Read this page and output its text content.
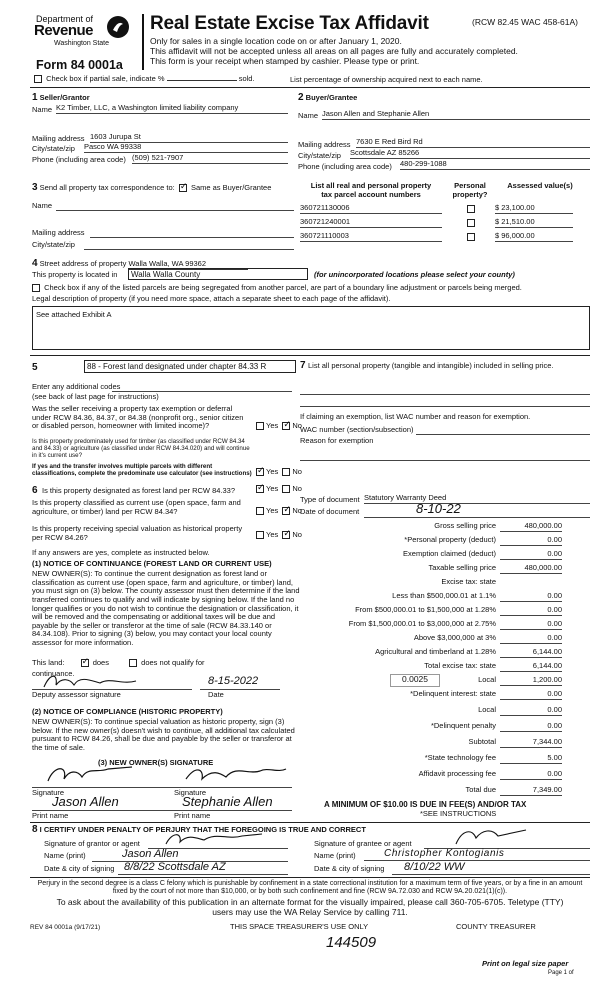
Department of
Revenue
Washington State
Form 84 0001a
Real Estate Excise Tax Affidavit	(RCW 82.45 WAC 458-61A)
Only for sales in a single location code on or after January 1, 2020.
This affidavit will not be accepted unless all areas on all pages are fully and accurately completed.
This form is your receipt when stamped by cashier. Please type or print.
Check box if partial sale, indicate %	sold.	List percentage of ownership acquired next to each name.
1 Seller/Grantor
Name K2 Timber, LLC, a Washington limited liability company
Mailing address 1603 Jurupa St
City/state/zip Pasco WA 99338
Phone (including area code) (509) 521-7907
2 Buyer/Grantee
Name Jason Allen and Stephanie Allen
Mailing address 7630 E Red Bird Rd
City/state/zip Scottsdale AZ 85266
Phone (including area code) 480-299-1088
3 Send all property tax correspondence to: ✓ Same as Buyer/Grantee
Name
Mailing address
City/state/zip
List all real and personal property tax parcel account numbers
Personal property?
Assessed value(s)
360721130006	$ 23,100.00
360721240001	$ 21,510.00
360721110003	$ 96,000.00
4 Street address of property Walla Walla, WA 99362
This property is located in	Walla Walla County	(for unincorporated locations please select your county)
Check box if any of the listed parcels are being segregated from another parcel, are part of a boundary line adjustment or parcels being merged.
Legal description of property (if you need more space, attach a separate sheet to each page of the affidavit).
See attached Exhibit A
5	88 - Forest land designated under chapter 84.33 R
Enter any additional codes
(see back of last page for instructions)
Was the seller receiving a property tax exemption or deferral under RCW 84.36, 84.37, or 84.38 (nonprofit org., senior citizen or disabled person, homeowner with limited income)?	Yes ✓ No
Is this property predominately used for timber (as classified under RCW 84.34 and 84.33) or agriculture (as classified under RCW 84.34.020) and will continue in it's current use?
If yes and the transfer involves multiple parcels with different classifications, complete the predominate use calculator (see instructions) ✓	Yes No
6 Is this property designated as forest land per RCW 84.33? ✓	Yes No
Is this property classified as current use (open space, farm and agriculture, or timber) land per RCW 84.34?	Yes ✓ No
Is this property receiving special valuation as historical property per RCW 84.26?	Yes ✓ No
If any answers are yes, complete as instructed below.
(1) NOTICE OF CONTINUANCE (FOREST LAND OR CURRENT USE)
NEW OWNER(S): To continue the current designation as forest land or classification as current use (open space, farm and agriculture, or timber) land, you must sign on (3) below. The county assessor must then determine if the land transferred continues to qualify and will indicate by signing below. If the land no longer qualifies or you do not wish to continue the designation or classification, it will be removed and the compensating or additional taxes will be due and payable by the seller or transferor at the time of sale (RCW 84.33.140 or 84.34.108). Prior to signing (3) below, you may contact your local county assessor for more information.
This land: ✓	does	does not qualify for
continuance.
8-15-2022
Deputy assessor signature	Date
(2) NOTICE OF COMPLIANCE (HISTORIC PROPERTY)
NEW OWNER(S): To continue special valuation as historic property, sign (3) below. If the new owner(s) doesn't wish to continue, all additional tax calculated pursuant to RCW 84.26, shall be due and payable by the seller or transferor at the time of sale.
(3) NEW OWNER(S) SIGNATURE
Signature	Signature
Jason Allen	Stephanie Allen
Print name	Print name
7 List all personal property (tangible and intangible) included in selling price.
If claiming an exemption, list WAC number and reason for exemption.
WAC number (section/subsection)
Reason for exemption
Type of document Statutory Warranty Deed
Date of document	8-10-22
Gross selling price	480,000.00
*Personal property (deduct)	0.00
Exemption claimed (deduct)	0.00
Taxable selling price	480,000.00
Excise tax: state
Less than $500,000.01 at 1.1%	0.00
From $500,000.01 to $1,500,000 at 1.28%	0.00
From $1,500,000.01 to $3,000,000 at 2.75%	0.00
Above $3,000,000 at 3%	0.00
Agricultural and timberland at 1.28%	6,144.00
Total excise tax: state	6,144.00
0.0025	Local	1,200.00
*Delinquent interest: state	0.00
Local	0.00
*Delinquent penalty	0.00
Subtotal	7,344.00
*State technology fee	5.00
Affidavit processing fee	0.00
Total due	7,349.00
A MINIMUM OF $10.00 IS DUE IN FEE(S) AND/OR TAX
*SEE INSTRUCTIONS
8 I CERTIFY UNDER PENALTY OF PERJURY THAT THE FOREGOING IS TRUE AND CORRECT
Signature of grantor or agent
Name (print)	Jason Allen
Date & city of signing 8/8/22 Scottsdale AZ
Signature of grantee or agent
Name (print)	Christopher Kontogianis
Date & city of signing	8/10/22 WW
Perjury in the second degree is a class C felony which is punishable by confinement in a state correctional institution for a maximum term of five years, or by a fine in an amount fixed by the court of not more than $10,000, or by both such confinement and fine (RCW 9A.72.030 and RCW 9A.20.021(1)(c)).
To ask about the availability of this publication in an alternate format for the visually impaired, please call 360-705-6705. Teletype (TTY) users may use the WA Relay Service by calling 711.
REV 84 0001a (9/17/21)	THIS SPACE TREASURER'S USE ONLY	COUNTY TREASURER
144509
Print on legal size paper
Page 1 of
